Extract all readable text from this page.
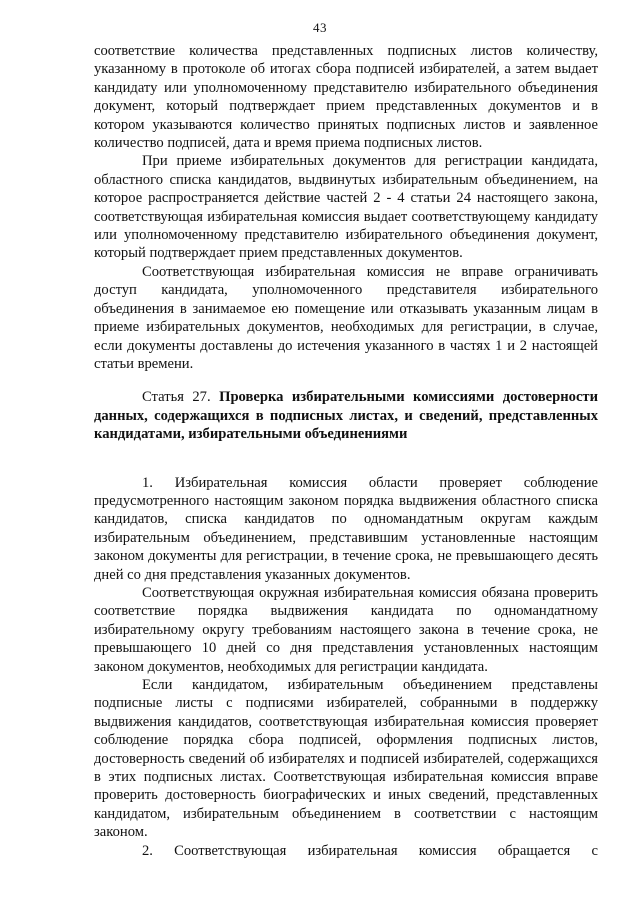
43

соответствие количества представленных подписных листов количеству, указанному в протоколе об итогах сбора подписей избирателей, а затем выдает кандидату или уполномоченному представителю избирательного объединения документ, который подтверждает прием представленных документов и в котором указываются количество принятых подписных листов и заявленное количество подписей, дата и время приема подписных листов.

При приеме избирательных документов для регистрации кандидата, областного списка кандидатов, выдвинутых избирательным объединением, на которое распространяется действие частей 2 - 4 статьи 24 настоящего закона, соответствующая избирательная комиссия выдает соответствующему кандидату или уполномоченному представителю избирательного объединения документ, который подтверждает прием представленных документов.

Соответствующая избирательная комиссия не вправе ограничивать доступ кандидата, уполномоченного представителя избирательного объединения в занимаемое ею помещение или отказывать указанным лицам в приеме избирательных документов, необходимых для регистрации, в случае, если документы доставлены до истечения указанного в частях 1 и 2 настоящей статьи времени.

Статья 27. Проверка избирательными комиссиями достоверности данных, содержащихся в подписных листах, и сведений, представленных кандидатами, избирательными объединениями

1. Избирательная комиссия области проверяет соблюдение предусмотренного настоящим законом порядка выдвижения областного списка кандидатов, списка кандидатов по одномандатным округам каждым избирательным объединением, представившим установленные настоящим законом документы для регистрации, в течение срока, не превышающего десять дней со дня представления указанных документов.

Соответствующая окружная избирательная комиссия обязана проверить соответствие порядка выдвижения кандидата по одномандатному избирательному округу требованиям настоящего закона в течение срока, не превышающего 10 дней со дня представления установленных настоящим законом документов, необходимых для регистрации кандидата.

Если кандидатом, избирательным объединением представлены подписные листы с подписями избирателей, собранными в поддержку выдвижения кандидатов, соответствующая избирательная комиссия проверяет соблюдение порядка сбора подписей, оформления подписных листов, достоверность сведений об избирателях и подписей избирателей, содержащихся в этих подписных листах. Соответствующая избирательная комиссия вправе проверить достоверность биографических и иных сведений, представленных кандидатом, избирательным объединением в соответствии с настоящим законом.

2. Соответствующая избирательная комиссия обращается с
